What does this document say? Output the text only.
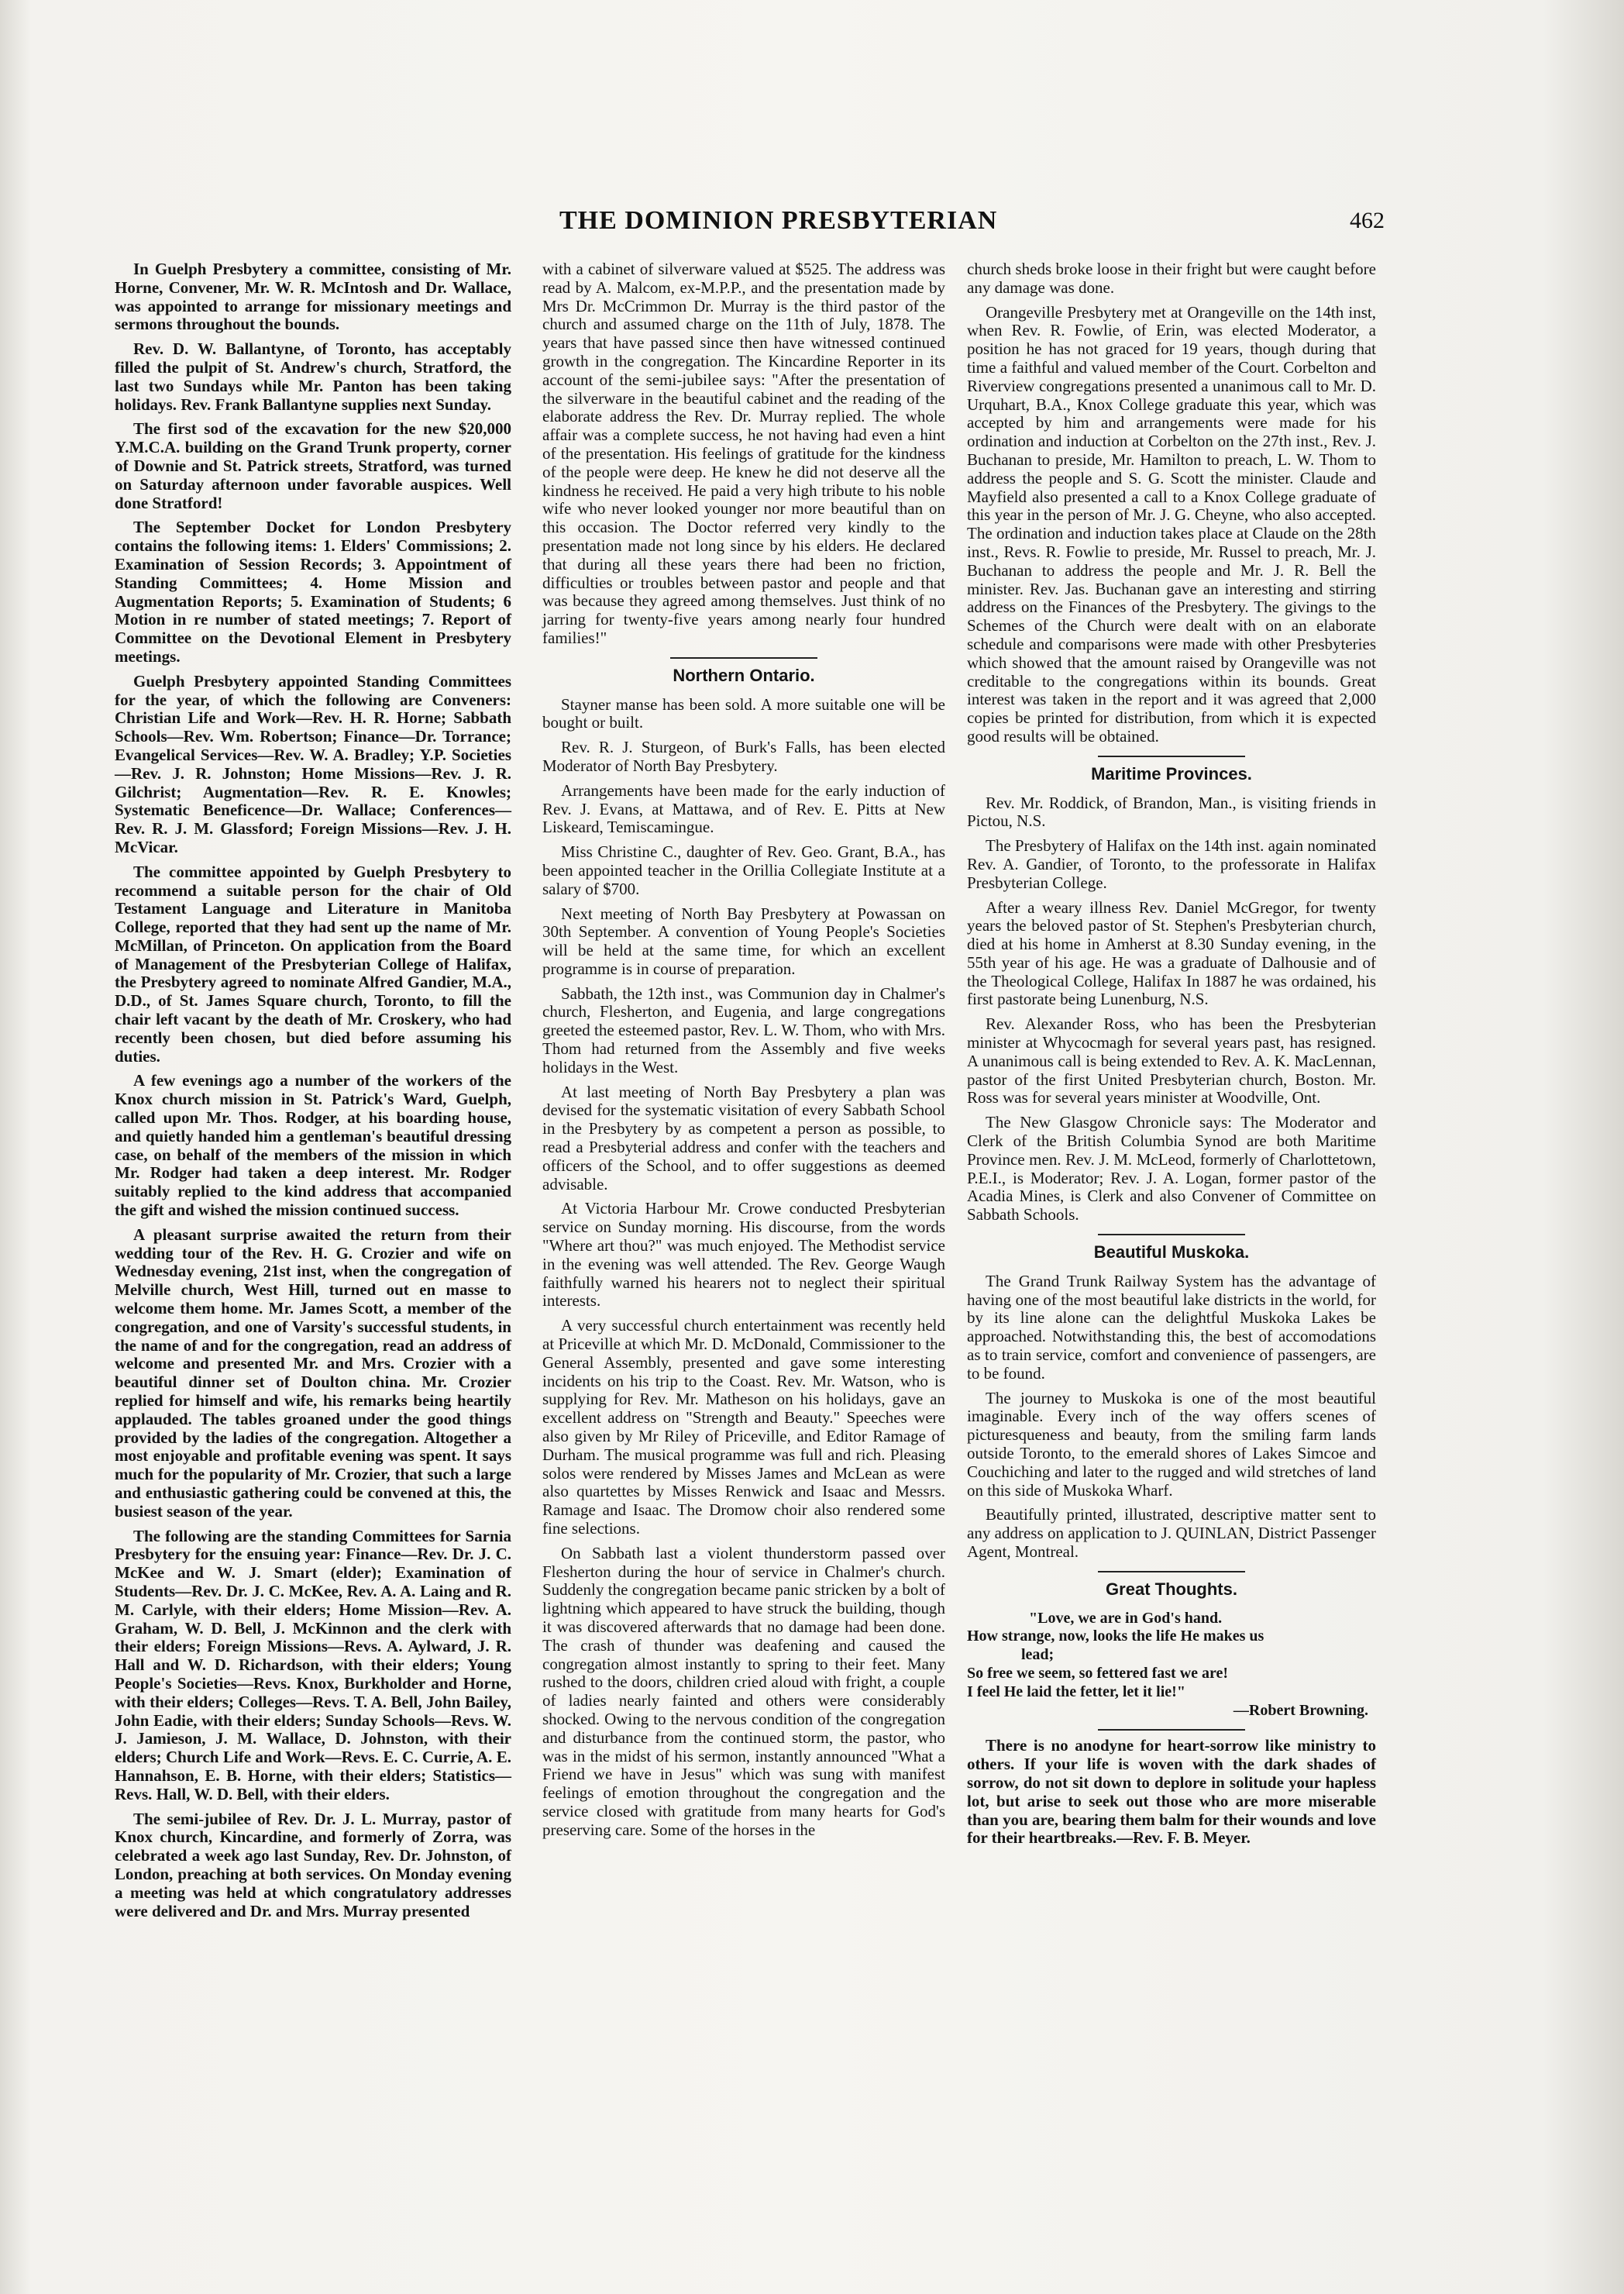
THE DOMINION PRESBYTERIAN	462

In Guelph Presbytery a committee, consisting of Mr. Horne, Convener, Mr. W. R. McIntosh and Dr. Wallace, was appointed to arrange for missionary meetings and sermons throughout the bounds.

Rev. D. W. Ballantyne, of Toronto, has acceptably filled the pulpit of St. Andrew's church, Stratford, the last two Sundays while Mr. Panton has been taking holidays. Rev. Frank Ballantyne supplies next Sunday.

The first sod of the excavation for the new $20,000 Y.M.C.A. building on the Grand Trunk property, corner of Downie and St. Patrick streets, Stratford, was turned on Saturday afternoon under favorable auspices. Well done Stratford!

The September Docket for London Presbytery contains the following items: 1. Elders' Commissions; 2. Examination of Session Records; 3. Appointment of Standing Committees; 4. Home Mission and Augmentation Reports; 5. Examination of Students; 6 Motion in re number of stated meetings; 7. Report of Committee on the Devotional Element in Presbytery meetings.

Guelph Presbytery appointed Standing Committees for the year, of which the following are Conveners: Christian Life and Work—Rev. H. R. Horne; Sabbath Schools—Rev. Wm. Robertson; Finance—Dr. Torrance; Evangelical Services—Rev. W. A. Bradley; Y.P. Societies—Rev. J. R. Johnston; Home Missions—Rev. J. R. Gilchrist; Augmentation—Rev. R. E. Knowles; Systematic Beneficence—Dr. Wallace; Conferences—Rev. R. J. M. Glassford; Foreign Missions—Rev. J. H. McVicar.

The committee appointed by Guelph Presbytery to recommend a suitable person for the chair of Old Testament Language and Literature in Manitoba College, reported that they had sent up the name of Mr. McMillan, of Princeton. On application from the Board of Management of the Presbyterian College of Halifax, the Presbytery agreed to nominate Alfred Gandier, M.A., D.D., of St. James Square church, Toronto, to fill the chair left vacant by the death of Mr. Croskery, who had recently been chosen, but died before assuming his duties.

A few evenings ago a number of the workers of the Knox church mission in St. Patrick's Ward, Guelph, called upon Mr. Thos. Rodger, at his boarding house, and quietly handed him a gentleman's beautiful dressing case, on behalf of the members of the mission in which Mr. Rodger had taken a deep interest. Mr. Rodger suitably replied to the kind address that accompanied the gift and wished the mission continued success.

A pleasant surprise awaited the return from their wedding tour of the Rev. H. G. Crozier and wife on Wednesday evening, 21st inst, when the congregation of Melville church, West Hill, turned out en masse to welcome them home. Mr. James Scott, a member of the congregation, and one of Varsity's successful students, in the name of and for the congregation, read an address of welcome and presented Mr. and Mrs. Crozier with a beautiful dinner set of Doulton china. Mr. Crozier replied for himself and wife, his remarks being heartily applauded. The tables groaned under the good things provided by the ladies of the congregation. Altogether a most enjoyable and profitable evening was spent. It says much for the popularity of Mr. Crozier, that such a large and enthusiastic gathering could be convened at this, the busiest season of the year.

The following are the standing Committees for Sarnia Presbytery for the ensuing year: Finance—Rev. Dr. J. C. McKee and W. J. Smart (elder); Examination of Students—Rev. Dr. J. C. McKee, Rev. A. A. Laing and R. M. Carlyle, with their elders; Home Mission—Rev. A. Graham, W. D. Bell, J. McKinnon and the clerk with their elders; Foreign Missions—Revs. A. Aylward, J. R. Hall and W. D. Richardson, with their elders; Young People's Societies—Revs. Knox, Burkholder and Horne, with their elders; Colleges—Revs. T. A. Bell, John Bailey, John Eadie, with their elders; Sunday Schools—Revs. W. J. Jamieson, J. M. Wallace, D. Johnston, with their elders; Church Life and Work—Revs. E. C. Currie, A. E. Hannahson, E. B. Horne, with their elders; Statistics—Revs. Hall, W. D. Bell, with their elders.

The semi-jubilee of Rev. Dr. J. L. Murray, pastor of Knox church, Kincardine, and formerly of Zorra, was celebrated a week ago last Sunday, Rev. Dr. Johnston, of London, preaching at both services. On Monday evening a meeting was held at which congratulatory addresses were delivered and Dr. and Mrs. Murray presented

with a cabinet of silverware valued at $525. The address was read by A. Malcom, ex-M.P.P., and the presentation made by Mrs Dr. McCrimmon Dr. Murray is the third pastor of the church and assumed charge on the 11th of July, 1878. The years that have passed since then have witnessed continued growth in the congregation. The Kincardine Reporter in its account of the semi-jubilee says: "After the presentation of the silverware in the beautiful cabinet and the reading of the elaborate address the Rev. Dr. Murray replied. The whole affair was a complete success, he not having had even a hint of the presentation. His feelings of gratitude for the kindness of the people were deep. He knew he did not deserve all the kindness he received. He paid a very high tribute to his noble wife who never looked younger nor more beautiful than on this occasion. The Doctor referred very kindly to the presentation made not long since by his elders. He declared that during all these years there had been no friction, difficulties or troubles between pastor and people and that was because they agreed among themselves. Just think of no jarring for twenty-five years among nearly four hundred families!"

Northern Ontario.

Stayner manse has been sold. A more suitable one will be bought or built.

Rev. R. J. Sturgeon, of Burk's Falls, has been elected Moderator of North Bay Presbytery.

Arrangements have been made for the early induction of Rev. J. Evans, at Mattawa, and of Rev. E. Pitts at New Liskeard, Temiscamingue.

Miss Christine C., daughter of Rev. Geo. Grant, B.A., has been appointed teacher in the Orillia Collegiate Institute at a salary of $700.

Next meeting of North Bay Presbytery at Powassan on 30th September. A convention of Young People's Societies will be held at the same time, for which an excellent programme is in course of preparation.

Sabbath, the 12th inst., was Communion day in Chalmer's church, Flesherton, and Eugenia, and large congregations greeted the esteemed pastor, Rev. L. W. Thom, who with Mrs. Thom had returned from the Assembly and five weeks holidays in the West.

At last meeting of North Bay Presbytery a plan was devised for the systematic visitation of every Sabbath School in the Presbytery by as competent a person as possible, to read a Presbyterial address and confer with the teachers and officers of the School, and to offer suggestions as deemed advisable.

At Victoria Harbour Mr. Crowe conducted Presbyterian service on Sunday morning. His discourse, from the words "Where art thou?" was much enjoyed. The Methodist service in the evening was well attended. The Rev. George Waugh faithfully warned his hearers not to neglect their spiritual interests.

A very successful church entertainment was recently held at Priceville at which Mr. D. McDonald, Commissioner to the General Assembly, presented and gave some interesting incidents on his trip to the Coast. Rev. Mr. Watson, who is supplying for Rev. Mr. Matheson on his holidays, gave an excellent address on "Strength and Beauty." Speeches were also given by Mr Riley of Priceville, and Editor Ramage of Durham. The musical programme was full and rich. Pleasing solos were rendered by Misses James and McLean as were also quartettes by Misses Renwick and Isaac and Messrs. Ramage and Isaac. The Dromow choir also rendered some fine selections.

On Sabbath last a violent thunderstorm passed over Flesherton during the hour of service in Chalmer's church. Suddenly the congregation became panic stricken by a bolt of lightning which appeared to have struck the building, though it was discovered afterwards that no damage had been done. The crash of thunder was deafening and caused the congregation almost instantly to spring to their feet. Many rushed to the doors, children cried aloud with fright, a couple of ladies nearly fainted and others were considerably shocked. Owing to the nervous condition of the congregation and disturbance from the continued storm, the pastor, who was in the midst of his sermon, instantly announced "What a Friend we have in Jesus" which was sung with manifest feelings of emotion throughout the congregation and the service closed with gratitude from many hearts for God's preserving care. Some of the horses in the

church sheds broke loose in their fright but were caught before any damage was done.

Orangeville Presbytery met at Orangeville on the 14th inst, when Rev. R. Fowlie, of Erin, was elected Moderator, a position he has not graced for 19 years, though during that time a faithful and valued member of the Court. Corbelton and Riverview congregations presented a unanimous call to Mr. D. Urquhart, B.A., Knox College graduate this year, which was accepted by him and arrangements were made for his ordination and induction at Corbelton on the 27th inst., Rev. J. Buchanan to preside, Mr. Hamilton to preach, L. W. Thom to address the people and S. G. Scott the minister. Claude and Mayfield also presented a call to a Knox College graduate of this year in the person of Mr. J. G. Cheyne, who also accepted. The ordination and induction takes place at Claude on the 28th inst., Revs. R. Fowlie to preside, Mr. Russel to preach, Mr. J. Buchanan to address the people and Mr. J. R. Bell the minister. Rev. Jas. Buchanan gave an interesting and stirring address on the Finances of the Presbytery. The givings to the Schemes of the Church were dealt with on an elaborate schedule and comparisons were made with other Presbyteries which showed that the amount raised by Orangeville was not creditable to the congregations within its bounds. Great interest was taken in the report and it was agreed that 2,000 copies be printed for distribution, from which it is expected good results will be obtained.

Maritime Provinces.

Rev. Mr. Roddick, of Brandon, Man., is visiting friends in Pictou, N.S.

The Presbytery of Halifax on the 14th inst. again nominated Rev. A. Gandier, of Toronto, to the professorate in Halifax Presbyterian College.

After a weary illness Rev. Daniel McGregor, for twenty years the beloved pastor of St. Stephen's Presbyterian church, died at his home in Amherst at 8.30 Sunday evening, in the 55th year of his age. He was a graduate of Dalhousie and of the Theological College, Halifax In 1887 he was ordained, his first pastorate being Lunenburg, N.S.

Rev. Alexander Ross, who has been the Presbyterian minister at Whycocmagh for several years past, has resigned. A unanimous call is being extended to Rev. A. K. MacLennan, pastor of the first United Presbyterian church, Boston. Mr. Ross was for several years minister at Woodville, Ont.

The New Glasgow Chronicle says: The Moderator and Clerk of the British Columbia Synod are both Maritime Province men. Rev. J. M. McLeod, formerly of Charlottetown, P.E.I., is Moderator; Rev. J. A. Logan, former pastor of the Acadia Mines, is Clerk and also Convener of Committee on Sabbath Schools.

Beautiful Muskoka.

The Grand Trunk Railway System has the advantage of having one of the most beautiful lake districts in the world, for by its line alone can the delightful Muskoka Lakes be approached. Notwithstanding this, the best of accomodations as to train service, comfort and convenience of passengers, are to be found.

The journey to Muskoka is one of the most beautiful imaginable. Every inch of the way offers scenes of picturesqueness and beauty, from the smiling farm lands outside Toronto, to the emerald shores of Lakes Simcoe and Couchiching and later to the rugged and wild stretches of land on this side of Muskoka Wharf.

Beautifully printed, illustrated, descriptive matter sent to any address on application to J. QUINLAN, District Passenger Agent, Montreal.

Great Thoughts.
"Love, we are in God's hand.
How strange, now, looks the life He makes us
lead;
So free we seem, so fettered fast we are!
I feel He laid the fetter, let it lie!"
—Robert Browning.

There is no anodyne for heart-sorrow like ministry to others. If your life is woven with the dark shades of sorrow, do not sit down to deplore in solitude your hapless lot, but arise to seek out those who are more miserable than you are, bearing them balm for their wounds and love for their heartbreaks.—Rev. F. B. Meyer.
